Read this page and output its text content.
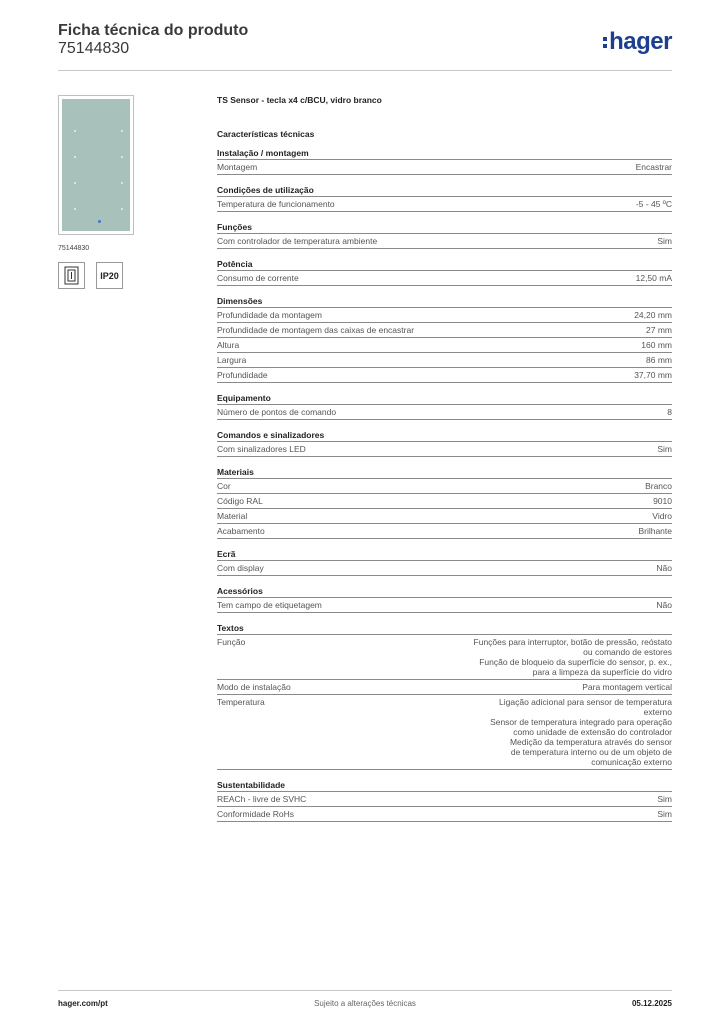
Ficha técnica do produto
75144830	hager
75144830
IP20
TS Sensor - tecla x4 c/BCU, vidro branco
Características técnicas
Instalação / montagem
Montagem	Encastrar
Condições de utilização
Temperatura de funcionamento	-5 - 45 ºC
Funções
Com controlador de temperatura ambiente	Sim
Potência
Consumo de corrente	12,50 mA
Dimensões
Profundidade da montagem	24,20 mm
Profundidade de montagem das caixas de encastrar	27 mm
Altura	160 mm
Largura	86 mm
Profundidade	37,70 mm
Equipamento
Número de pontos de comando	8
Comandos e sinalizadores
Com sinalizadores LED	Sim
Materiais
Cor	Branco
Código RAL	9010
Material	Vidro
Acabamento	Brilhante
Ecrã
Com display	Não
Acessórios
Tem campo de etiquetagem	Não
Textos
Função	Funções para interruptor, botão de pressão, reóstato
ou comando de estores
Função de bloqueio da superfície do sensor, p. ex.,
para a limpeza da superfície do vidro
Modo de instalação	Para montagem vertical
Temperatura	Ligação adicional para sensor de temperatura
externo
Sensor de temperatura integrado para operação
como unidade de extensão do controlador
Medição da temperatura através do sensor
de temperatura interno ou de um objeto de
comunicação externo
Sustentabilidade
REACh - livre de SVHC	Sim
Conformidade RoHs	Sim
hager.com/pt	Sujeito a alterações técnicas	05.12.2025
